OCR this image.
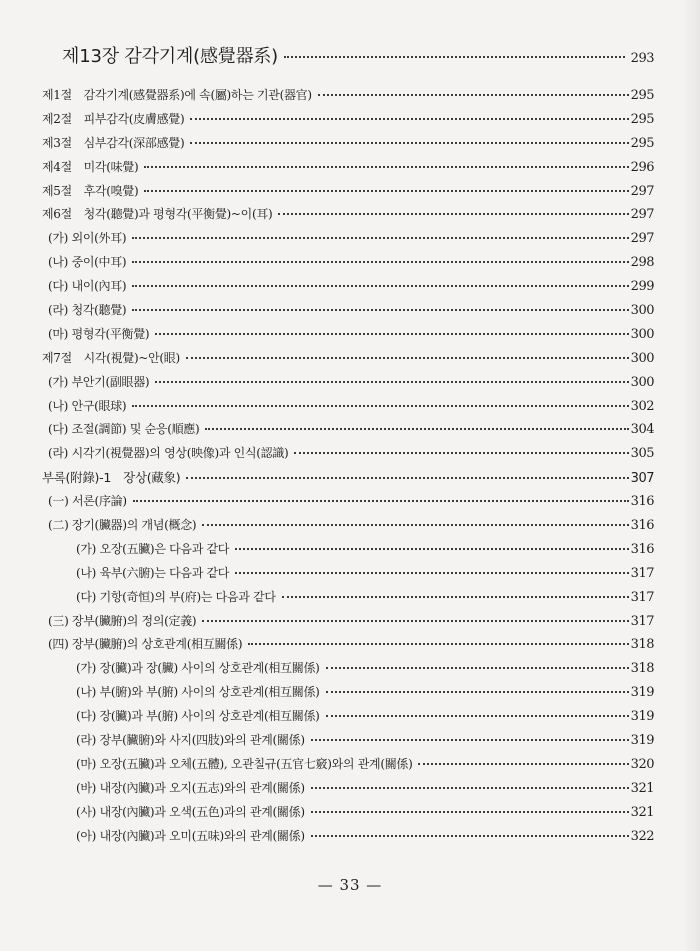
제13장 감각기계(感覺器系)	293
제1절　감각기계(感覺器系)에 속(屬)하는 기관(器官)	295
제2절　피부감각(皮膚感覺)	295
제3절　심부감각(深部感覺)	295
제4절　미각(味覺)	296
제5절　후각(嗅覺)	297
제6절　청각(聽覺)과 평형각(平衡覺)~이(耳)	297
(가) 외이(外耳)	297
(나) 중이(中耳)	298
(다) 내이(內耳)	299
(라) 청각(聽覺)	300
(마) 평형각(平衡覺)	300
제7절　시각(視覺)~안(眼)	300
(가) 부안기(副眼器)	300
(나) 안구(眼球)	302
(다) 조절(調節) 및 순응(順應)	304
(라) 시각기(視覺器)의 영상(映像)과 인식(認識)	305
부록(附錄)-1　장상(藏象)	307
(一) 서론(序論)	316
(二) 장기(臟器)의 개념(概念)	316
(가) 오장(五臟)은 다음과 같다	316
(나) 육부(六腑)는 다음과 같다	317
(다) 기항(奇恒)의 부(府)는 다음과 같다	317
(三) 장부(臟腑)의 정의(定義)	317
(四) 장부(臟腑)의 상호관계(相互關係)	318
(가) 장(臟)과 장(臟) 사이의 상호관계(相互關係)	318
(나) 부(腑)와 부(腑) 사이의 상호관계(相互關係)	319
(다) 장(臟)과 부(腑) 사이의 상호관계(相互關係)	319
(라) 장부(臟腑)와 사지(四肢)와의 관계(關係)	319
(마) 오장(五臟)과 오체(五體), 오관칠규(五官七竅)와의 관계(關係)	320
(바) 내장(內臟)과 오지(五志)와의 관계(關係)	321
(사) 내장(內臟)과 오색(五色)과의 관계(關係)	321
(아) 내장(內臟)과 오미(五味)와의 관계(關係)	322
— 33 —
